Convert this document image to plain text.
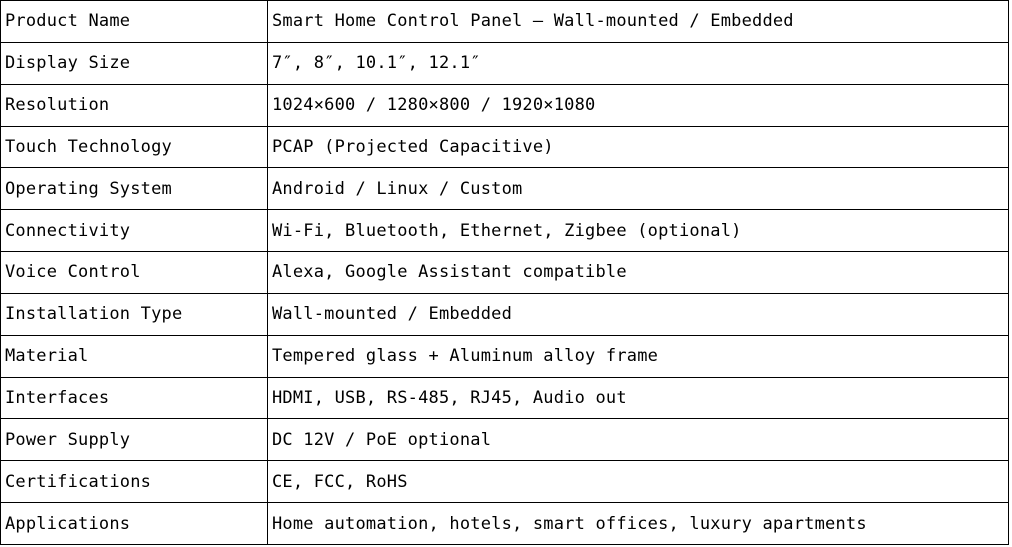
Product Name	Smart Home Control Panel – Wall-mounted / Embedded
Display Size	7″, 8″, 10.1″, 12.1″
Resolution	1024×600 / 1280×800 / 1920×1080
Touch Technology	PCAP (Projected Capacitive)
Operating System	Android / Linux / Custom
Connectivity	Wi-Fi, Bluetooth, Ethernet, Zigbee (optional)
Voice Control	Alexa, Google Assistant compatible
Installation Type	Wall-mounted / Embedded
Material	Tempered glass + Aluminum alloy frame
Interfaces	HDMI, USB, RS-485, RJ45, Audio out
Power Supply	DC 12V / PoE optional
Certifications	CE, FCC, RoHS
Applications	Home automation, hotels, smart offices, luxury apartments
